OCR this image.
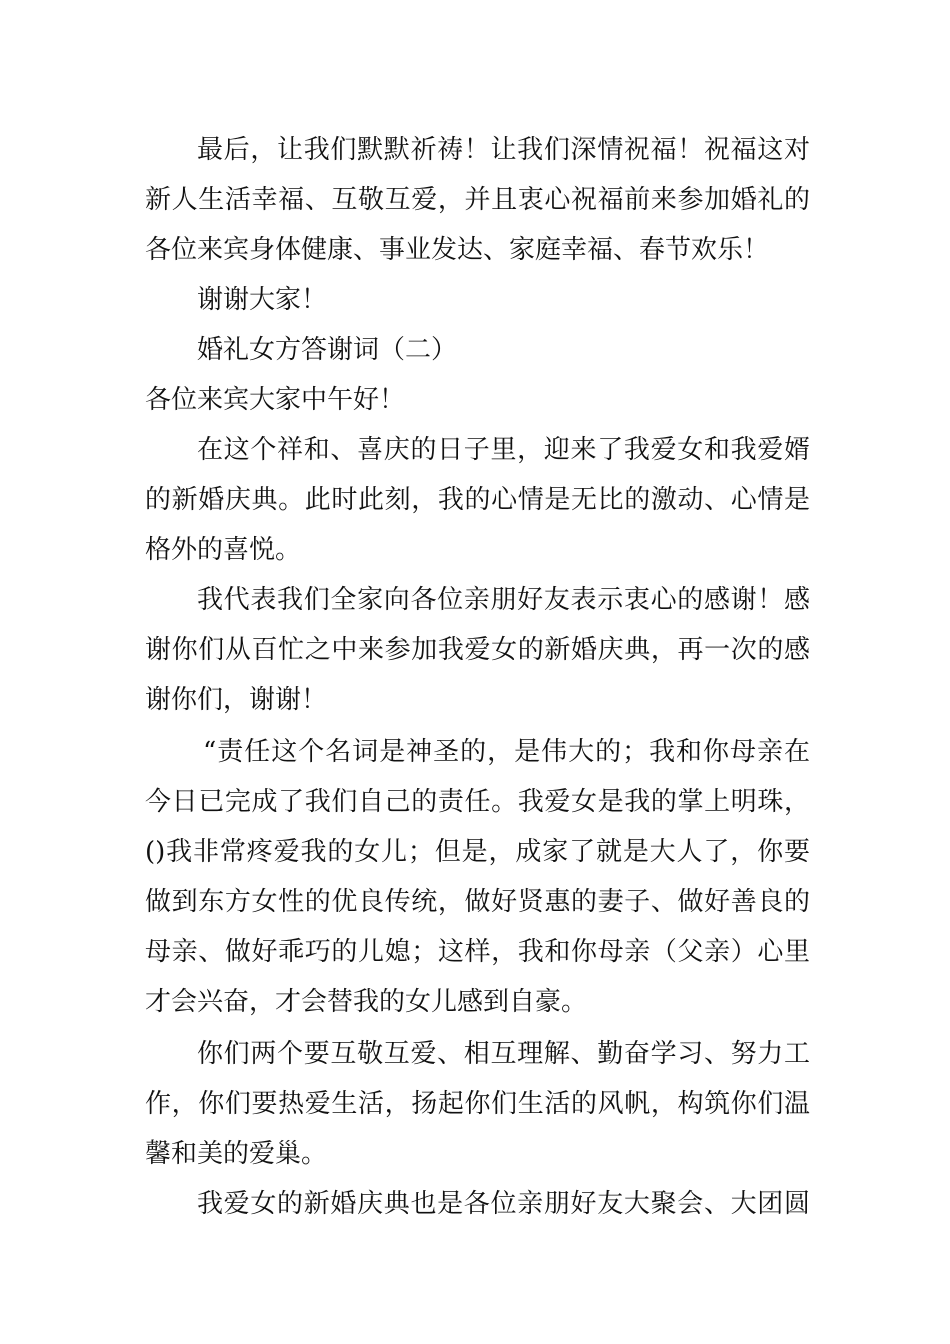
最后，让我们默默祈祷！让我们深情祝福！祝福这对
新人生活幸福、互敬互爱，并且衷心祝福前来参加婚礼的
各位来宾身体健康、事业发达、家庭幸福、春节欢乐！
谢谢大家！
婚礼女方答谢词（二）
各位来宾大家中午好！
在这个祥和、喜庆的日子里，迎来了我爱女和我爱婿
的新婚庆典。此时此刻，我的心情是无比的激动、心情是
格外的喜悦。
我代表我们全家向各位亲朋好友表示衷心的感谢！感
谢你们从百忙之中来参加我爱女的新婚庆典，再一次的感
谢你们，谢谢！
“责任这个名词是神圣的，是伟大的；我和你母亲在
今日已完成了我们自己的责任。我爱女是我的掌上明珠，
()我非常疼爱我的女儿；但是，成家了就是大人了，你要
做到东方女性的优良传统，做好贤惠的妻子、做好善良的
母亲、做好乖巧的儿媳；这样，我和你母亲（父亲）心里
才会兴奋，才会替我的女儿感到自豪。
你们两个要互敬互爱、相互理解、勤奋学习、努力工
作，你们要热爱生活，扬起你们生活的风帆，构筑你们温
馨和美的爱巢。
我爱女的新婚庆典也是各位亲朋好友大聚会、大团圆
